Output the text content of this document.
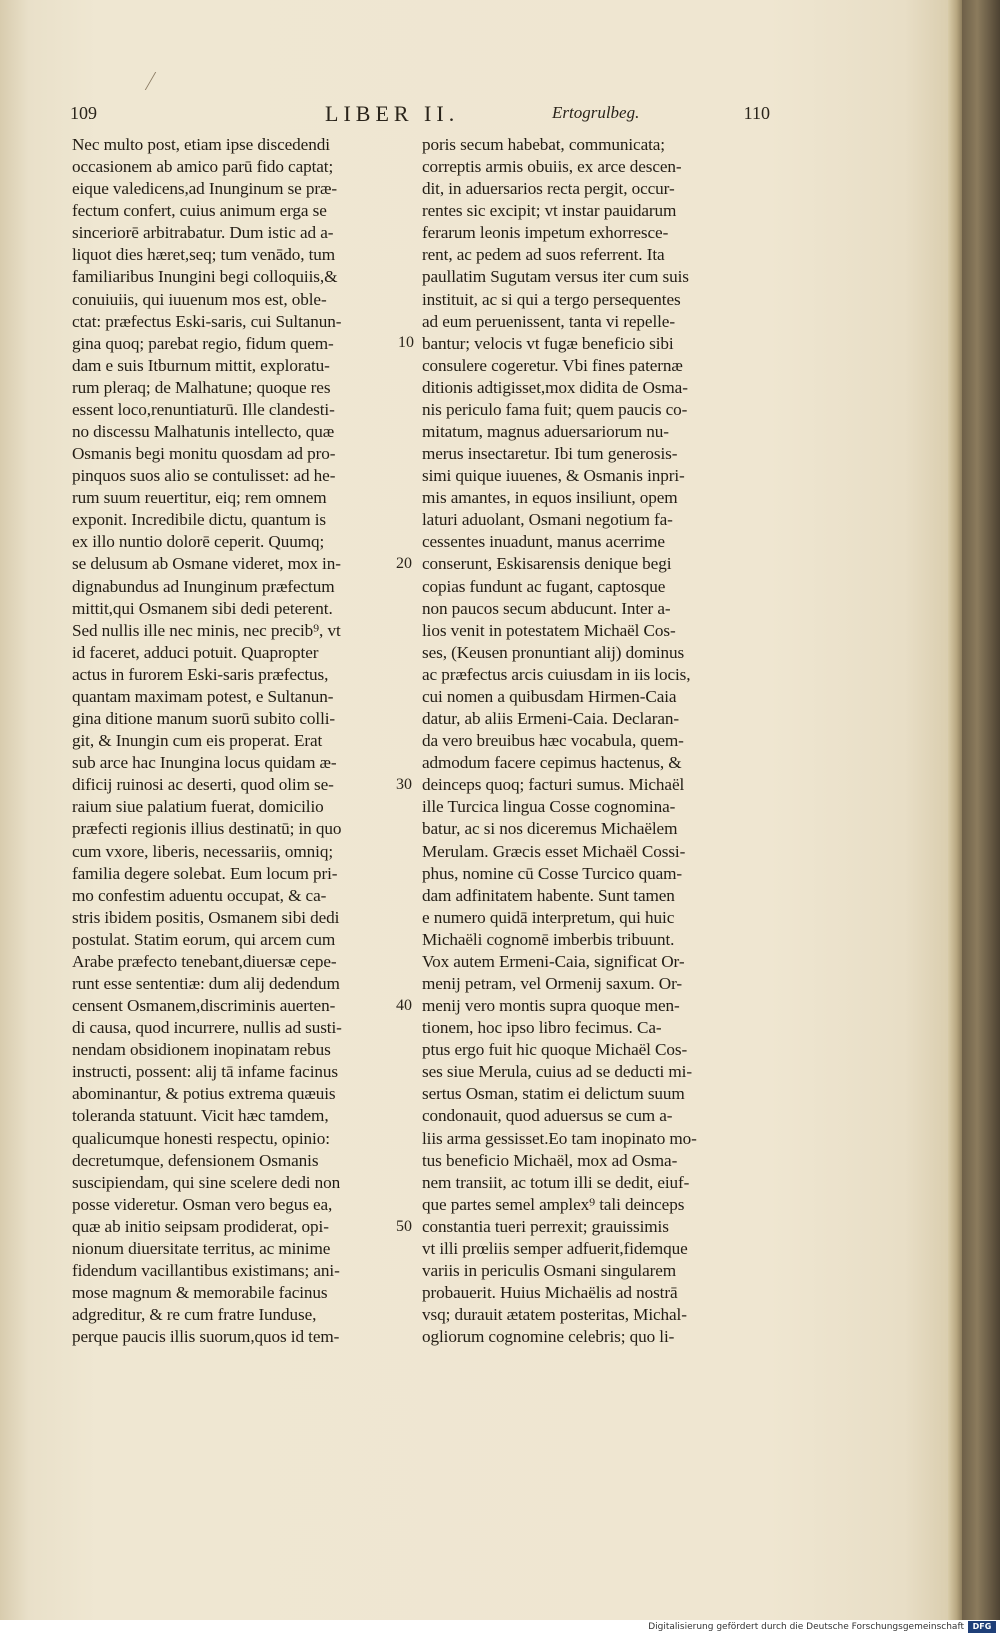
109	LIBER II.	Ertogrulbeg.	110
Nec multo post, etiam ipse discedendi
occasionem ab amico parū fido captat;
eique valedicens,ad Inunginum se præ-
fectum confert, cuius animum erga se
sinceriorē arbitrabatur. Dum istic ad a-
liquot dies hæret,seq; tum venādo, tum
familiaribus Inungini begi colloquiis,&
conuiuiis, qui iuuenum mos est, oble-
ctat: præfectus Eski-saris, cui Sultanun-
gina quoq; parebat regio, fidum quem-
dam e suis Itburnum mittit, exploratu-
rum pleraq; de Malhatune; quoque res
essent loco,renuntiaturū. Ille clandesti-
no discessu Malhatunis intellecto, quæ
Osmanis begi monitu quosdam ad pro-
pinquos suos alio se contulisset: ad he-
rum suum reuertitur, eiq; rem omnem
exponit. Incredibile dictu, quantum is
ex illo nuntio dolorē ceperit. Quumq;
se delusum ab Osmane videret, mox in-
dignabundus ad Inunginum præfectum
mittit,qui Osmanem sibi dedi peterent.
Sed nullis ille nec minis, nec precib⁹, vt
id faceret, adduci potuit. Quapropter
actus in furorem Eski-saris præfectus,
quantam maximam potest, e Sultanun-
gina ditione manum suorū subito colli-
git, & Inungin cum eis properat. Erat
sub arce hac Inungina locus quidam æ-
dificij ruinosi ac deserti, quod olim se-
raium siue palatium fuerat, domicilio
præfecti regionis illius destinatū; in quo
cum vxore, liberis, necessariis, omniq;
familia degere solebat. Eum locum pri-
mo confestim aduentu occupat, & ca-
stris ibidem positis, Osmanem sibi dedi
postulat. Statim eorum, qui arcem cum
Arabe præfecto tenebant,diuersæ cepe-
runt esse sententiæ: dum alij dedendum
censent Osmanem,discriminis auerten-
di causa, quod incurrere, nullis ad susti-
nendam obsidionem inopinatam rebus
instructi, possent: alij tā infame facinus
abominantur, & potius extrema quæuis
toleranda statuunt. Vicit hæc tamdem,
qualicumque honesti respectu, opinio:
decretumque, defensionem Osmanis
suscipiendam, qui sine scelere dedi non
posse videretur. Osman vero begus ea,
quæ ab initio seipsam prodiderat, opi-
nionum diuersitate territus, ac minime
fidendum vacillantibus existimans; ani-
mose magnum & memorabile facinus
adgreditur, & re cum fratre Iunduse,
perque paucis illis suorum,quos id tem-
poris secum habebat, communicata;
correptis armis obuiis, ex arce descen-
dit, in aduersarios recta pergit, occur-
rentes sic excipit; vt instar pauidarum
ferarum leonis impetum exhorresce-
rent, ac pedem ad suos referrent. Ita
paullatim Sugutam versus iter cum suis
instituit, ac si qui a tergo persequentes
ad eum peruenissent, tanta vi repelle-
bantur; velocis vt fugæ beneficio sibi
consulere cogeretur. Vbi fines paternæ
ditionis adtigisset,mox didita de Osma-
nis periculo fama fuit; quem paucis co-
mitatum, magnus aduersariorum nu-
merus insectaretur. Ibi tum generosis-
simi quique iuuenes, & Osmanis inpri-
mis amantes, in equos insiliunt, opem
laturi aduolant, Osmani negotium fa-
cessentes inuadunt, manus acerrime
conserunt, Eskisarensis denique begi
copias fundunt ac fugant, captosque
non paucos secum abducunt. Inter a-
lios venit in potestatem Michaël Cos-
ses, (Keusen pronuntiant alij) dominus
ac præfectus arcis cuiusdam in iis locis,
cui nomen a quibusdam Hirmen-Caia
datur, ab aliis Ermeni-Caia. Declaran-
da vero breuibus hæc vocabula, quem-
admodum facere cepimus hactenus, &
deinceps quoq; facturi sumus. Michaël
ille Turcica lingua Cosse cognomina-
batur, ac si nos diceremus Michaëlem
Merulam. Græcis esset Michaël Cossi-
phus, nomine cū Cosse Turcico quam-
dam adfinitatem habente. Sunt tamen
e numero quidā interpretum, qui huic
Michaëli cognomē imberbis tribuunt.
Vox autem Ermeni-Caia, significat Or-
menij petram, vel Ormenij saxum. Or-
menij vero montis supra quoque men-
tionem, hoc ipso libro fecimus. Ca-
ptus ergo fuit hic quoque Michaël Cos-
ses siue Merula, cuius ad se deducti mi-
sertus Osman, statim ei delictum suum
condonauit, quod aduersus se cum a-
liis arma gessisset.Eo tam inopinato mo-
tus beneficio Michaël, mox ad Osma-
nem transiit, ac totum illi se dedit, eiuf-
que partes semel amplex⁹ tali deinceps
constantia tueri perrexit; grauissimis
vt illi prœliis semper adfuerit,fidemque
variis in periculis Osmani singularem
probauerit. Huius Michaëlis ad nostrā
vsq; durauit ætatem posteritas, Michal-
ogliorum cognomine celebris; quo li-
10
20
30
40
50
Digitalisierung gefördert durch die Deutsche Forschungsgemeinschaft	DFG
